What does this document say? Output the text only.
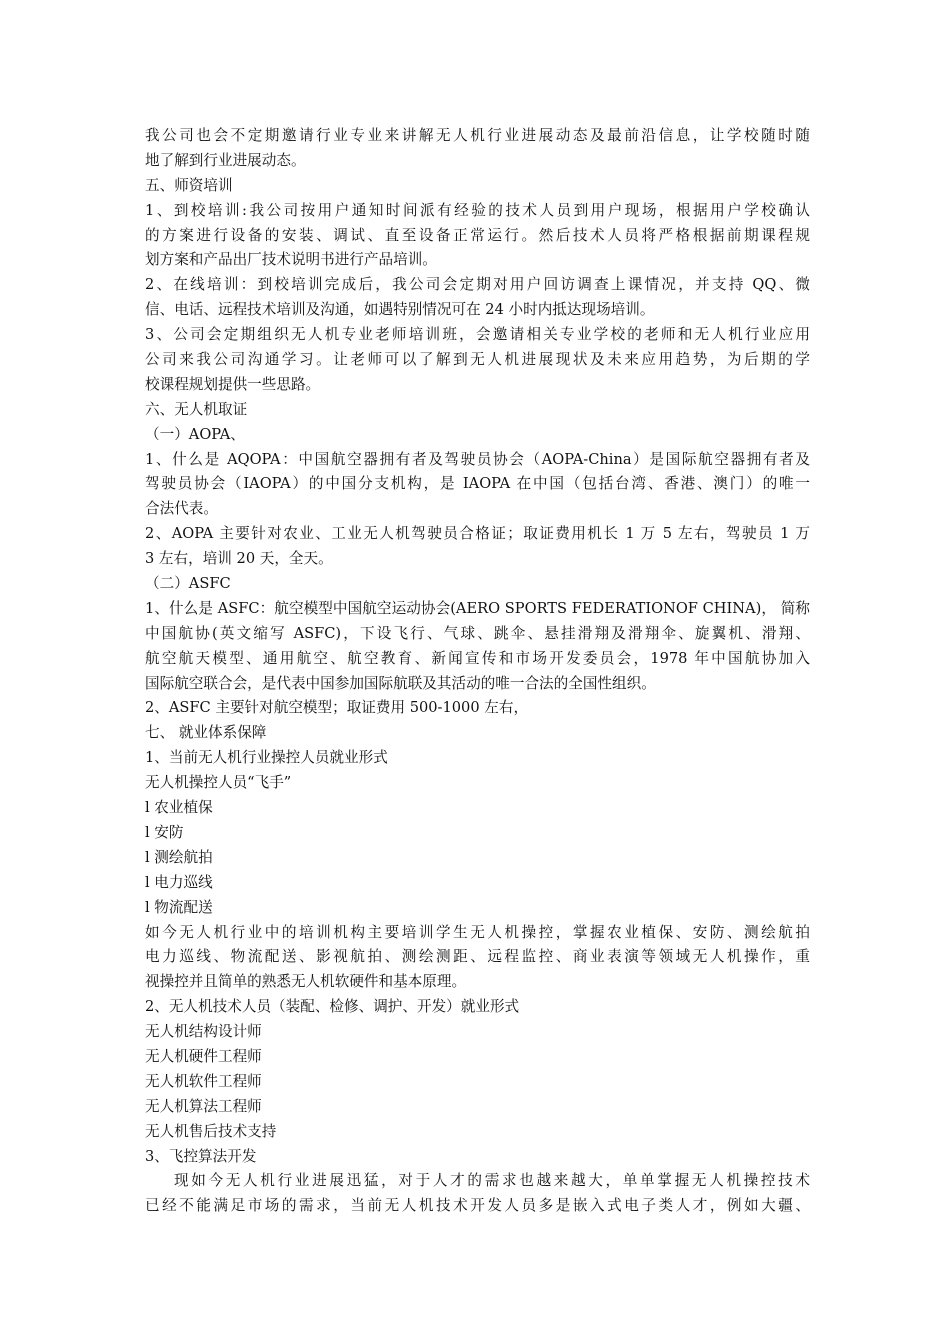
我公司也会不定期邀请行业专业来讲解无人机行业进展动态及最前沿信息，让学校随时随
地了解到行业进展动态。
五、师资培训
1、到校培训:我公司按用户通知时间派有经验的技术人员到用户现场，根据用户学校确认
的方案进行设备的安装、调试、直至设备正常运行。然后技术人员将严格根据前期课程规
划方案和产品出厂技术说明书进行产品培训。
2、在线培训：到校培训完成后，我公司会定期对用户回访调查上课情况，并支持 QQ、微
信、电话、远程技术培训及沟通，如遇特别情况可在 24 小时内抵达现场培训。
3、公司会定期组织无人机专业老师培训班，会邀请相关专业学校的老师和无人机行业应用
公司来我公司沟通学习。让老师可以了解到无人机进展现状及未来应用趋势，为后期的学
校课程规划提供一些思路。
六、无人机取证
（一）AOPA、
1、什么是 AQOPA：中国航空器拥有者及驾驶员协会（AOPA-China）是国际航空器拥有者及
驾驶员协会（IAOPA）的中国分支机构，是 IAOPA 在中国（包括台湾、香港、澳门）的唯一
合法代表。
2、AOPA 主要针对农业、工业无人机驾驶员合格证；取证费用机长 1 万 5 左右，驾驶员 1 万
3 左右，培训 20 天，全天。
（二）ASFC
1、什么是 ASFC：航空模型中国航空运动协会(AERO SPORTS FEDERATIONOF CHINA)， 简称
中国航协(英文缩写 ASFC)，下设飞行、气球、跳伞、悬挂滑翔及滑翔伞、旋翼机、滑翔、
航空航天模型、通用航空、航空教育、新闻宣传和市场开发委员会，1978 年中国航协加入
国际航空联合会，是代表中国参加国际航联及其活动的唯一合法的全国性组织。
2、ASFC 主要针对航空模型；取证费用 500-1000 左右，
七、 就业体系保障
1、当前无人机行业操控人员就业形式
无人机操控人员“飞手”
l 农业植保
l 安防
l 测绘航拍
l 电力巡线
l 物流配送
如今无人机行业中的培训机构主要培训学生无人机操控，掌握农业植保、安防、测绘航拍
电力巡线、物流配送、影视航拍、测绘测距、远程监控、商业表演等领域无人机操作，重
视操控并且简单的熟悉无人机软硬件和基本原理。
2、无人机技术人员（装配、检修、调护、开发）就业形式
无人机结构设计师
无人机硬件工程师
无人机软件工程师
无人机算法工程师
无人机售后技术支持
3、飞控算法开发
现如今无人机行业进展迅猛，对于人才的需求也越来越大，单单掌握无人机操控技术
已经不能满足市场的需求，当前无人机技术开发人员多是嵌入式电子类人才，例如大疆、
